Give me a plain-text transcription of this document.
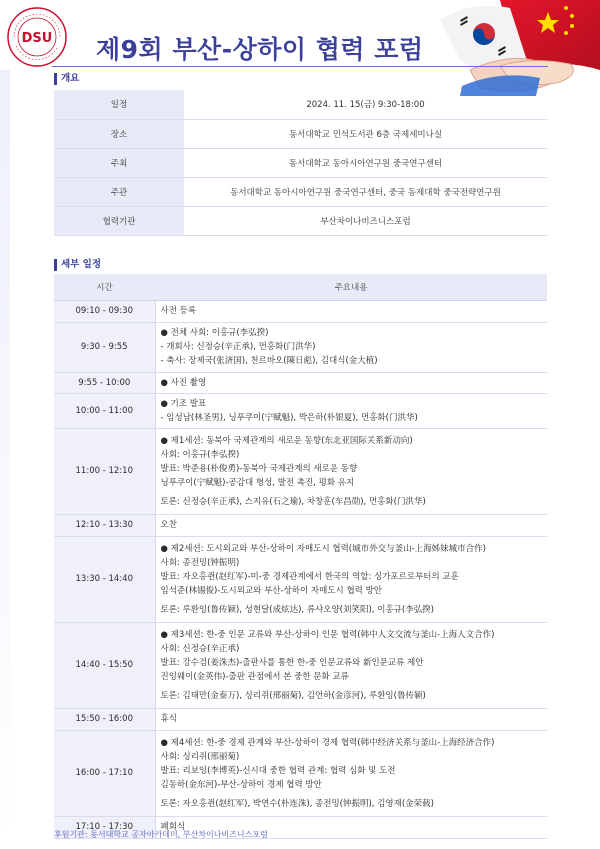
DSU 제9회 부산-상하이 협력 포럼
개요
일정	2024. 11. 15(금) 9:30-18:00
장소	동서대학교 민석도서관 6층 국제세미나실
주최	동서대학교 동아시아연구원 중국연구센터
주관	동서대학교 동아시아연구원 중국연구센터, 중국 동제대학 중국전략연구원
협력기관	부산차이나비즈니스포럼
세부 일정
시간	주요내용
09:10 - 09:30	사전 등록

9:30 - 9:55	● 전체 사회: 이홍규(李弘揆)
- 개회사: 신정승(辛正承), 먼홍화(门洪华)
- 축사: 장제국(张济国), 천르바오(陳日彪), 김대식(金大植)

9:55 - 10:00	● 사진 촬영

10:00 - 11:00	● 기조 발표
- 임성남(林圣男), 닝푸쿠이(宁赋魁), 박은하(朴银夏), 먼홍화(门洪华)

11:00 - 12:10	● 제1세션: 동북아 국제관계의 새로운 동향(东北亚国际关系新动向)
사회: 이홍규(李弘揆)
발표: 박준용(朴俊勇)-동북아 국제관계의 새로운 동향
닝푸쿠이(宁赋魁)-공감대 형성, 발전 촉진, 평화 유지
토론: 신정승(辛正承), 스지유(石之瑜), 차창훈(车昌勋), 먼홍화(门洪华)

12:10 - 13:30	오찬

13:30 - 14:40	● 제2세션: 도시외교와 부산-상하이 자매도시 협력(城市外交与釜山-上海姊妹城市合作)
사회: 종전밍(钟振明)
발표: 자오홍쥔(赵红军)-미-중 경제관계에서 한국의 역할: 싱가포르로부터의 교훈
임석준(林锡俊)-도시외교와 부산-상하이 자매도시 협력 방안
토론: 루환잉(鲁传颖), 성현달(成炫达), 류샤오양(刘笑阳), 이홍규(李弘揆)

14:40 - 15:50	● 제3세션: 한-중 인문 교류와 부산-상하이 인문 협력(韩中人文交流与釜山-上海人文合作)
사회: 신정승(辛正承)
발표: 강수검(姜洙杰)-출판사를 통한 한-중 인문교류와 新인문교류 제안
진잉웨이(金英伟)-출판 관점에서 본 중한 문화 교류
토론: 김태만(金泰万), 싱리쥐(邢丽菊), 김언하(金彦河), 루환잉(鲁传颖)

15:50 - 16:00	휴식

16:00 - 17:10	● 제4세션: 한-중 경제 관계와 부산-상하이 경제 협력(韩中经济关系与釜山-上海经济合作)
사회: 싱리쥐(邢丽菊)
발표: 리보잉(李博英)-신시대 중한 협력 관계: 협력 심화 및 도전
김동하(金东河)-부산-상하이 경제 협력 방안
토론: 자오홍쥔(赵红军), 박연수(朴连洙), 종전밍(钟振明), 김영재(金荣载)

17:10 - 17:30	폐회식
후원기관: 동서대학교 공자아카데미, 부산차이나비즈니스포럼
